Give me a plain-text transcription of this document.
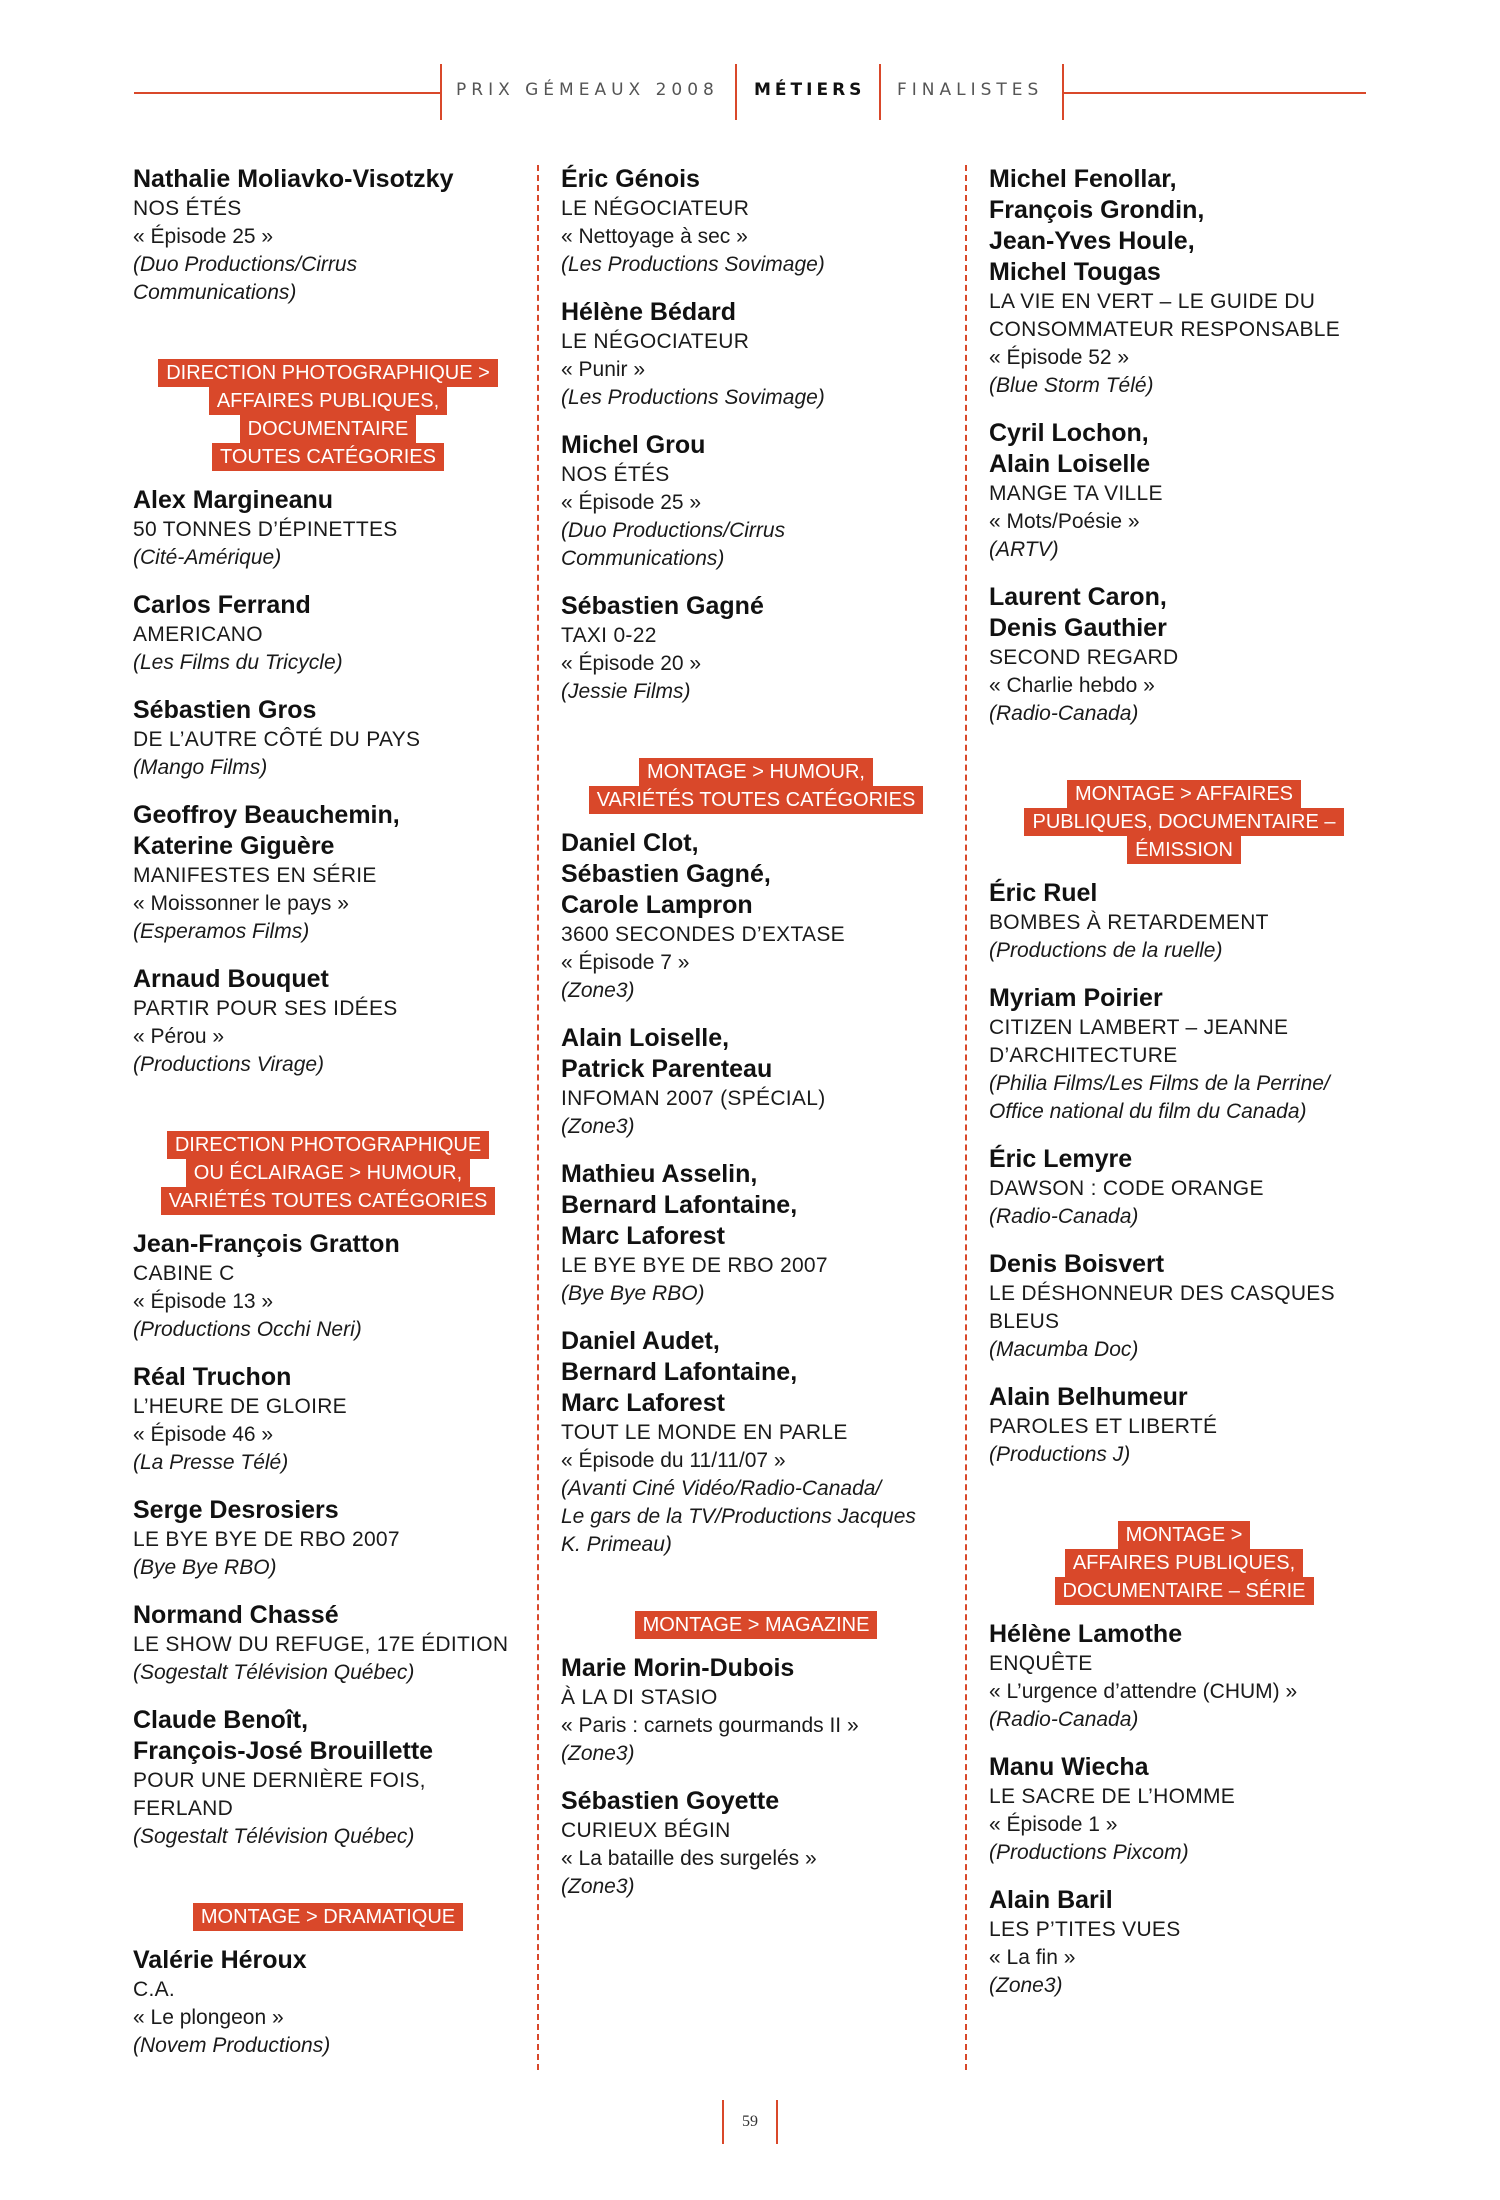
PRIX GÉMEAUX 2008 MÉTIERS FINALISTES
Nathalie Moliavko-Visotzky
NOS ÉTÉS
« Épisode 25 »
(Duo Productions/Cirrus
Communications)
DIRECTION PHOTOGRAPHIQUE >
AFFAIRES PUBLIQUES,
DOCUMENTAIRE
TOUTES CATÉGORIES

Alex Margineanu
50 TONNES D’ÉPINETTES
(Cité-Amérique)
Carlos Ferrand
AMERICANO
(Les Films du Tricycle)
Sébastien Gros
DE L’AUTRE CÔTÉ DU PAYS
(Mango Films)
Geoffroy Beauchemin,
Katerine Giguère
MANIFESTES EN SÉRIE
« Moissonner le pays »
(Esperamos Films)
Arnaud Bouquet
PARTIR POUR SES IDÉES
« Pérou »
(Productions Virage)
DIRECTION PHOTOGRAPHIQUE
OU ÉCLAIRAGE > HUMOUR,
VARIÉTÉS TOUTES CATÉGORIES

Jean-François Gratton
CABINE C
« Épisode 13 »
(Productions Occhi Neri)
Réal Truchon
L’HEURE DE GLOIRE
« Épisode 46 »
(La Presse Télé)
Serge Desrosiers
LE BYE BYE DE RBO 2007
(Bye Bye RBO)
Normand Chassé
LE SHOW DU REFUGE, 17E ÉDITION
(Sogestalt Télévision Québec)
Claude Benoît,
François-José Brouillette
POUR UNE DERNIÈRE FOIS,
FERLAND
(Sogestalt Télévision Québec)
MONTAGE > DRAMATIQUE

Valérie Héroux
C.A.
« Le plongeon »
(Novem Productions)
Éric Génois
LE NÉGOCIATEUR
« Nettoyage à sec »
(Les Productions Sovimage)
Hélène Bédard
LE NÉGOCIATEUR
« Punir »
(Les Productions Sovimage)
Michel Grou
NOS ÉTÉS
« Épisode 25 »
(Duo Productions/Cirrus
Communications)
Sébastien Gagné
TAXI 0-22
« Épisode 20 »
(Jessie Films)
MONTAGE > HUMOUR,
VARIÉTÉS TOUTES CATÉGORIES

Daniel Clot,
Sébastien Gagné,
Carole Lampron
3600 SECONDES D’EXTASE
« Épisode 7 »
(Zone3)
Alain Loiselle,
Patrick Parenteau
INFOMAN 2007 (SPÉCIAL)
(Zone3)
Mathieu Asselin,
Bernard Lafontaine,
Marc Laforest
LE BYE BYE DE RBO 2007
(Bye Bye RBO)
Daniel Audet,
Bernard Lafontaine,
Marc Laforest
TOUT LE MONDE EN PARLE
« Épisode du 11/11/07 »
(Avanti Ciné Vidéo/Radio-Canada/
Le gars de la TV/Productions Jacques
K. Primeau)
MONTAGE > MAGAZINE

Marie Morin-Dubois
À LA DI STASIO
« Paris : carnets gourmands II »
(Zone3)
Sébastien Goyette
CURIEUX BÉGIN
« La bataille des surgelés »
(Zone3)
Michel Fenollar,
François Grondin,
Jean-Yves Houle,
Michel Tougas
LA VIE EN VERT – LE GUIDE DU
CONSOMMATEUR RESPONSABLE
« Épisode 52 »
(Blue Storm Télé)
Cyril Lochon,
Alain Loiselle
MANGE TA VILLE
« Mots/Poésie »
(ARTV)
Laurent Caron,
Denis Gauthier
SECOND REGARD
« Charlie hebdo »
(Radio-Canada)
MONTAGE > AFFAIRES
PUBLIQUES, DOCUMENTAIRE –
ÉMISSION

Éric Ruel
BOMBES À RETARDEMENT
(Productions de la ruelle)
Myriam Poirier
CITIZEN LAMBERT – JEANNE
D’ARCHITECTURE
(Philia Films/Les Films de la Perrine/
Office national du film du Canada)
Éric Lemyre
DAWSON : CODE ORANGE
(Radio-Canada)
Denis Boisvert
LE DÉSHONNEUR DES CASQUES
BLEUS
(Macumba Doc)
Alain Belhumeur
PAROLES ET LIBERTÉ
(Productions J)
MONTAGE >
AFFAIRES PUBLIQUES,
DOCUMENTAIRE – SÉRIE

Hélène Lamothe
ENQUÊTE
« L’urgence d’attendre (CHUM) »
(Radio-Canada)
Manu Wiecha
LE SACRE DE L’HOMME
« Épisode 1 »
(Productions Pixcom)
Alain Baril
LES P’TITES VUES
« La fin »
(Zone3)
59
